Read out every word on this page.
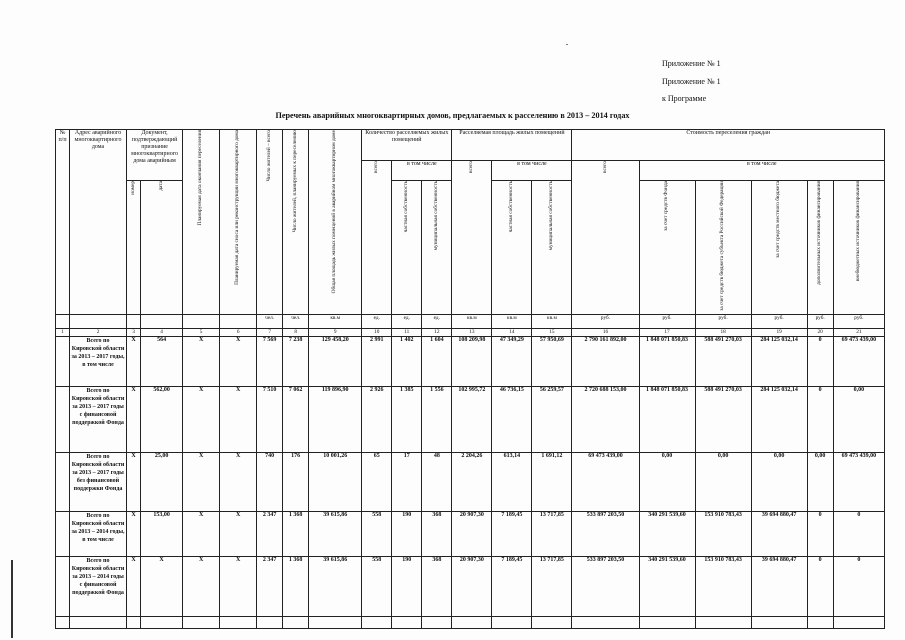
Приложение № 1
Приложение № 1
к Программе
Перечень аварийных многоквартирных домов, предлагаемых к расселению в 2013 – 2014 годах
№ п/п	Адрес аварийного многоквартирного дома	Документ, подтверждающий признание многоквартирного дома аварийным		Планируемая дата окончания переселения	Планируемая дата сноса или реконструкции многоквартирного дома	Число жителей – всего	Число жителей, планируемых к переселению	Общая площадь жилых помещений в аварийном многоквартирном доме	Количество расселяемых жилых помещений			Расселяемая площадь жилых помещений			Стоимость переселения граждан					
									всего	в том числе		всего	в том числе		всего	в том числе				
		номер	дата							частная собственность	муниципальная собственность		частная собственность	муниципальная собственность		за счет средств Фонда	за счет средств бюджета субъекта Российской Федерации	за счет средств местного бюджета	дополнительных источников финансирования	внебюджетных источников финансирования
						чел.	чел.	кв.м	ед.	ед.	ед.	кв.м	кв.м	кв.м	руб.	руб.	руб.	руб.	руб.	руб.
1	2	3	4	5	6	7	8	9	10	11	12	13	14	15	16	17	18	19	20	21
	Всего по Кировской области за 2013 – 2017 годы, в том числе	X	564	X	X	7 569	7 238	129 458,20	2 991	1 402	1 604	108 209,98	47 349,29	57 950,69	2 790 161 892,00	1 848 071 850,83	588 491 270,03	284 125 032,14	0	69 473 439,00
	Всего по Кировской области за 2013 – 2017 годы с финансовой поддержкой Фонда	X	562,00	X	X	7 510	7 062	119 896,90	2 926	1 385	1 556	102 995,72	46 736,15	56 259,57	2 720 688 153,00	1 848 071 850,83	588 491 270,03	284 125 032,14	0	0,00
	Всего по Кировской области за 2013 – 2017 годы без финансовой поддержки Фонда	X	25,00	X	X	740	176	10 001,26	65	17	48	2 204,26	613,14	1 691,12	69 473 439,00	0,00	0,00	0,00	0,00	69 473 439,00
	Всего по Кировской области за 2013 – 2014 годы, в том числе	X	153,00	X	X	2 347	1 368	39 615,86	558	190	368	20 907,30	7 189,45	13 717,85	533 897 203,50	340 291 539,60	153 910 783,43	39 694 880,47	0	0
	Всего по Кировской области за 2013 – 2014 годы с финансовой поддержкой Фонда	X	X	X	X	2 347	1 368	39 615,86	558	190	368	20 907,30	7 189,45	13 717,85	533 897 203,50	340 291 539,60	153 910 783,43	39 694 880,47	0	0
